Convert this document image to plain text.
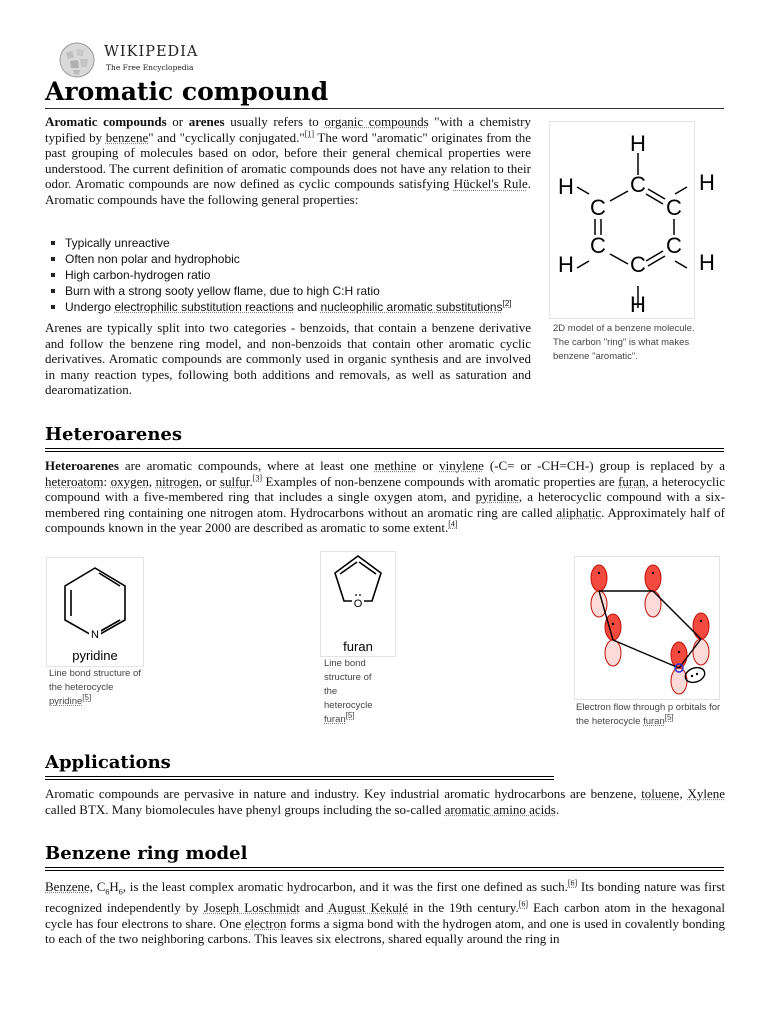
WIKIPEDIA
The Free Encyclopedia
Aromatic compound
Aromatic compounds or arenes usually refers to organic compounds "with a chemistry typified by benzene" and "cyclically conjugated."[1] The word "aromatic" originates from the past grouping of molecules based on odor, before their general chemical properties were understood. The current definition of aromatic compounds does not have any relation to their odor. Aromatic compounds are now defined as cyclic compounds satisfying Hückel's Rule. Aromatic compounds have the following general properties:
Typically unreactive
Often non polar and hydrophobic
High carbon-hydrogen ratio
Burn with a strong sooty yellow flame, due to high C:H ratio
Undergo electrophilic substitution reactions and nucleophilic aromatic substitutions[2]
Arenes are typically split into two categories - benzoids, that contain a benzene derivative and follow the benzene ring model, and non-benzoids that contain other aromatic cyclic derivatives. Aromatic compounds are commonly used in organic synthesis and are involved in many reaction types, following both additions and removals, as well as saturation and dearomatization.
H
C
C	C
H
C	C
C
H
H
H
H
2D model of a benzene molecule. The carbon "ring" is what makes benzene "aromatic".
Heteroarenes
Heteroarenes are aromatic compounds, where at least one methine or vinylene (-C= or -CH=CH-) group is replaced by a heteroatom: oxygen, nitrogen, or sulfur.[3] Examples of non-benzene compounds with aromatic properties are furan, a heterocyclic compound with a five-membered ring that includes a single oxygen atom, and pyridine, a heterocyclic compound with a six-membered ring containing one nitrogen atom. Hydrocarbons without an aromatic ring are called aliphatic. Approximately half of compounds known in the year 2000 are described as aromatic to some extent.[4]
N
pyridine
Line bond structure of the heterocycle pyridine[5]
O
furan
Line bond structure of the heterocycle furan[5]
Electron flow through p orbitals for the heterocycle furan[5]
Applications
Aromatic compounds are pervasive in nature and industry. Key industrial aromatic hydrocarbons are benzene, toluene, Xylene called BTX. Many biomolecules have phenyl groups including the so-called aromatic amino acids.
Benzene ring model
Benzene, $C_6H_6$, is the least complex aromatic hydrocarbon, and it was the first one defined as such.[6] Its bonding nature was first recognized independently by Joseph Loschmidt and August Kekulé in the 19th century.[6] Each carbon atom in the hexagonal cycle has four electrons to share. One electron forms a sigma bond with the hydrogen atom, and one is used in covalently bonding to each of the two neighboring carbons. This leaves six electrons, shared equally around the ring in
